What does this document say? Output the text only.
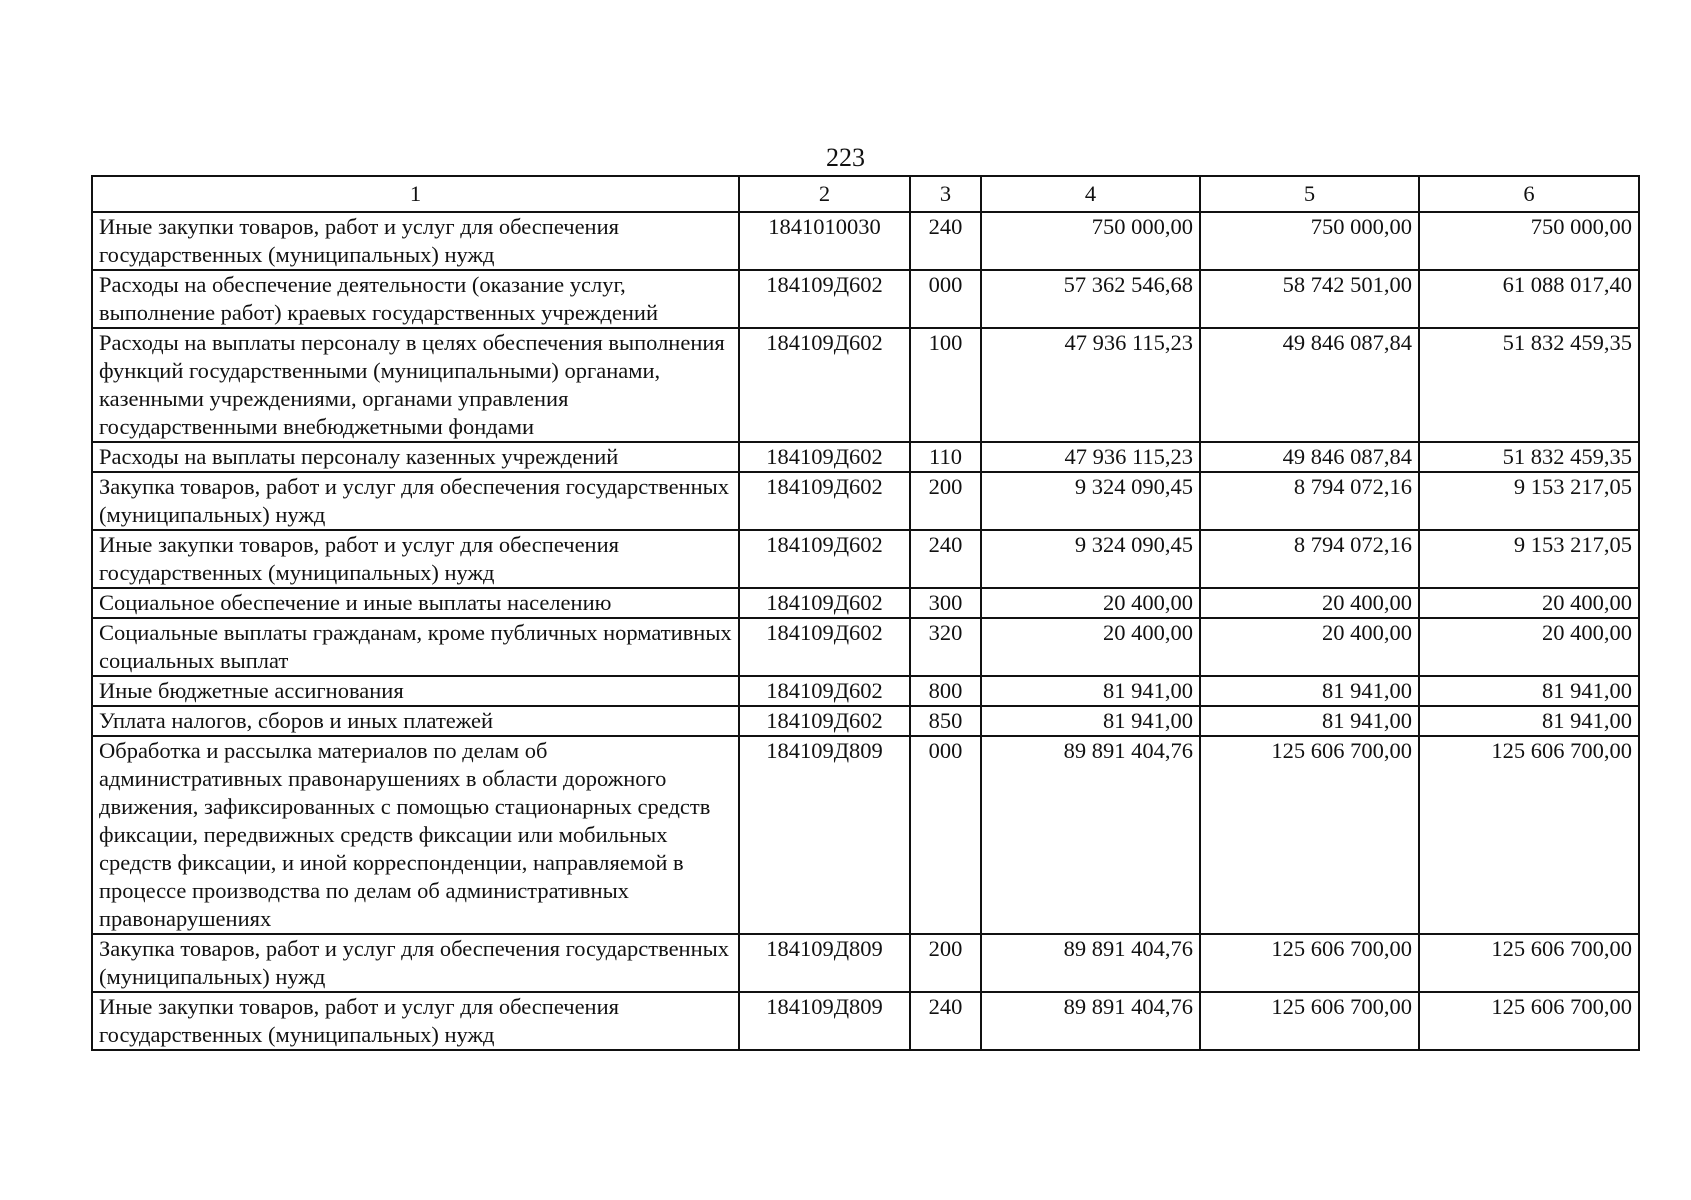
223
1	2	3	4	5	6
Иные закупки товаров, работ и услуг для обеспечения государственных (муниципальных) нужд	1841010030	240	750 000,00	750 000,00	750 000,00
Расходы на обеспечение деятельности (оказание услуг, выполнение работ) краевых государственных учреждений	184109Д602	000	57 362 546,68	58 742 501,00	61 088 017,40
Расходы на выплаты персоналу в целях обеспечения выполнения функций государственными (муниципальными) органами, казенными учреждениями, органами управления государственными внебюджетными фондами	184109Д602	100	47 936 115,23	49 846 087,84	51 832 459,35
Расходы на выплаты персоналу казенных учреждений	184109Д602	110	47 936 115,23	49 846 087,84	51 832 459,35
Закупка товаров, работ и услуг для обеспечения государственных (муниципальных) нужд	184109Д602	200	9 324 090,45	8 794 072,16	9 153 217,05
Иные закупки товаров, работ и услуг для обеспечения государственных (муниципальных) нужд	184109Д602	240	9 324 090,45	8 794 072,16	9 153 217,05
Социальное обеспечение и иные выплаты населению	184109Д602	300	20 400,00	20 400,00	20 400,00
Социальные выплаты гражданам, кроме публичных нормативных социальных выплат	184109Д602	320	20 400,00	20 400,00	20 400,00
Иные бюджетные ассигнования	184109Д602	800	81 941,00	81 941,00	81 941,00
Уплата налогов, сборов и иных платежей	184109Д602	850	81 941,00	81 941,00	81 941,00
Обработка и рассылка материалов по делам об административных правонарушениях в области дорожного движения, зафиксированных с помощью стационарных средств фиксации, передвижных средств фиксации или мобильных средств фиксации, и иной корреспонденции, направляемой в процессе производства по делам об административных правонарушениях	184109Д809	000	89 891 404,76	125 606 700,00	125 606 700,00
Закупка товаров, работ и услуг для обеспечения государственных (муниципальных) нужд	184109Д809	200	89 891 404,76	125 606 700,00	125 606 700,00
Иные закупки товаров, работ и услуг для обеспечения государственных (муниципальных) нужд	184109Д809	240	89 891 404,76	125 606 700,00	125 606 700,00
